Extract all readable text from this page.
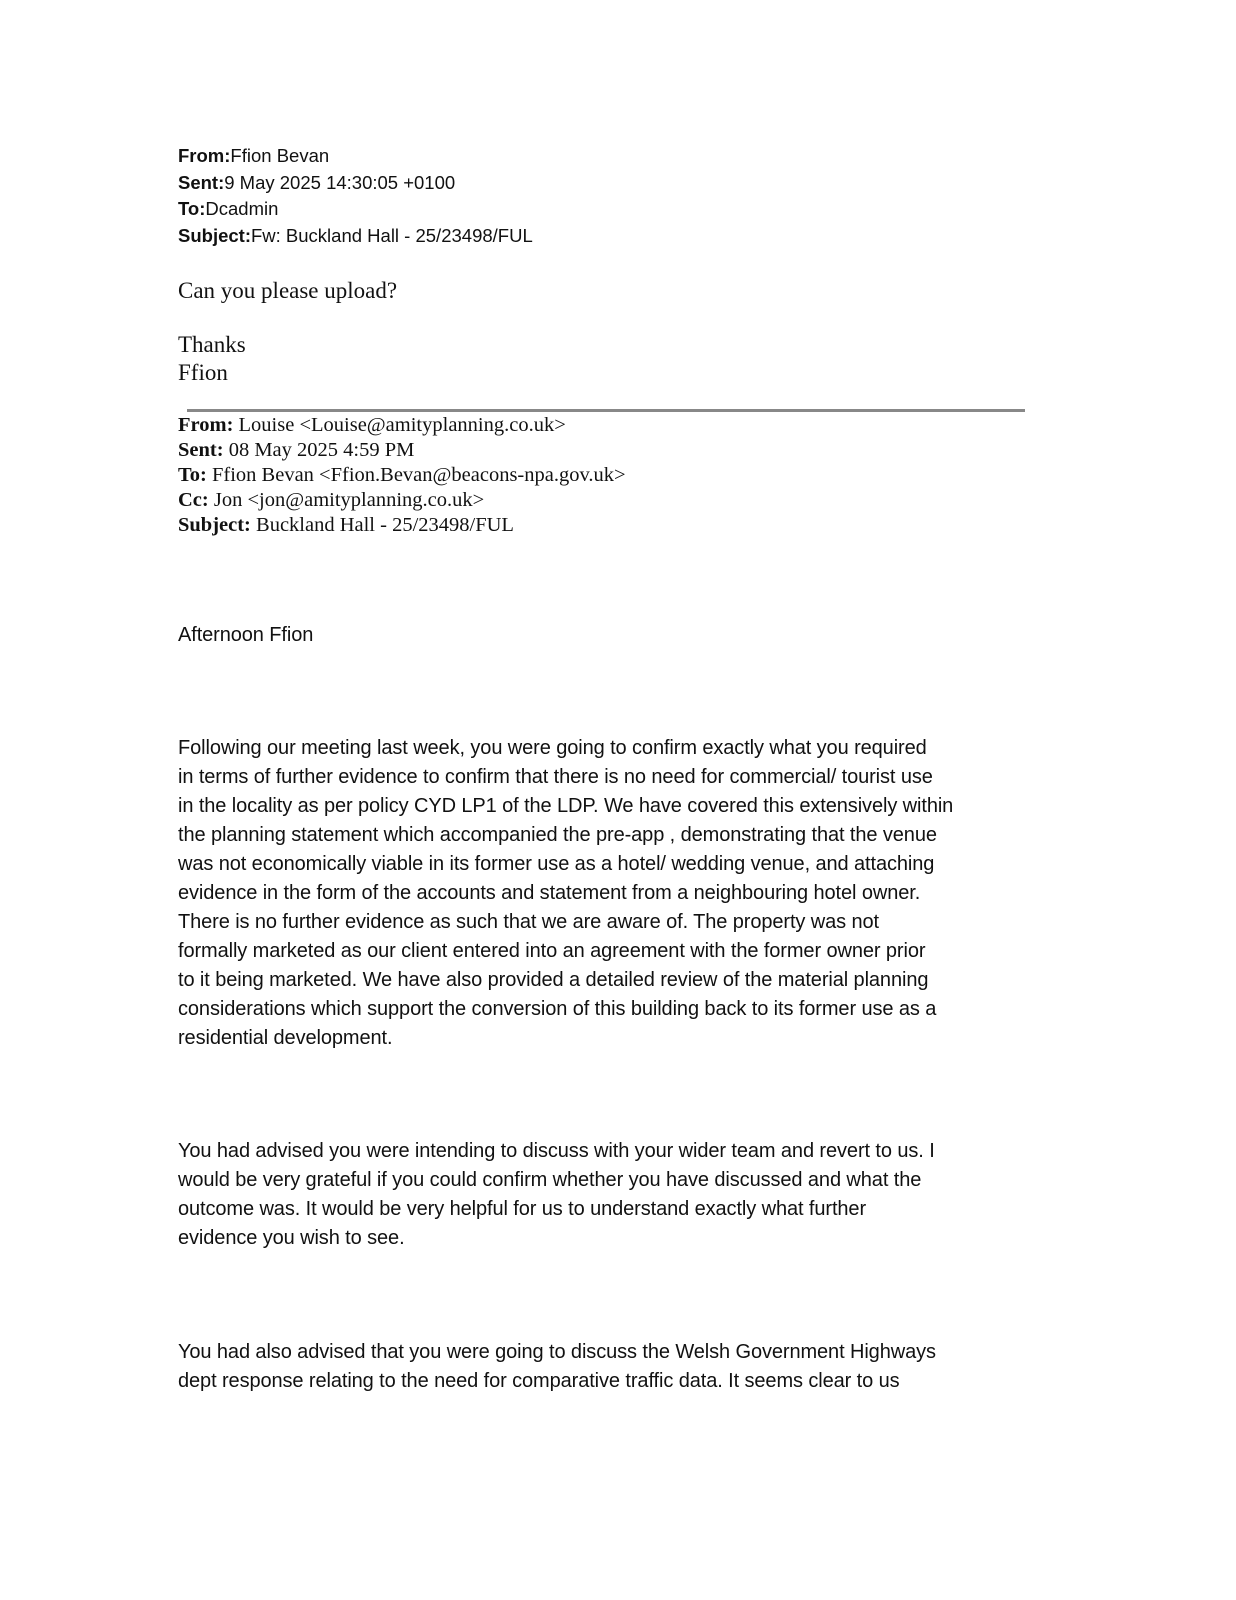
From:Ffion Bevan
Sent:9 May 2025 14:30:05 +0100
To:Dcadmin
Subject:Fw: Buckland Hall - 25/23498/FUL
Can you please upload?
Thanks
Ffion
From: Louise <Louise@amityplanning.co.uk>
Sent: 08 May 2025 4:59 PM
To: Ffion Bevan <Ffion.Bevan@beacons-npa.gov.uk>
Cc: Jon <jon@amityplanning.co.uk>
Subject: Buckland Hall - 25/23498/FUL
Afternoon Ffion
Following our meeting last week, you were going to confirm exactly what you required
in terms of further evidence to confirm that there is no need for commercial/ tourist use
in the locality as per policy CYD LP1 of the LDP. We have covered this extensively within
the planning statement which accompanied the pre-app , demonstrating that the venue
was not economically viable in its former use as a hotel/ wedding venue, and attaching
evidence in the form of the accounts and statement from a neighbouring hotel owner.
There is no further evidence as such that we are aware of. The property was not
formally marketed as our client entered into an agreement with the former owner prior
to it being marketed. We have also provided a detailed review of the material planning
considerations which support the conversion of this building back to its former use as a
residential development.
You had advised you were intending to discuss with your wider team and revert to us. I
would be very grateful if you could confirm whether you have discussed and what the
outcome was. It would be very helpful for us to understand exactly what further
evidence you wish to see.
You had also advised that you were going to discuss the Welsh Government Highways
dept response relating to the need for comparative traffic data. It seems clear to us
